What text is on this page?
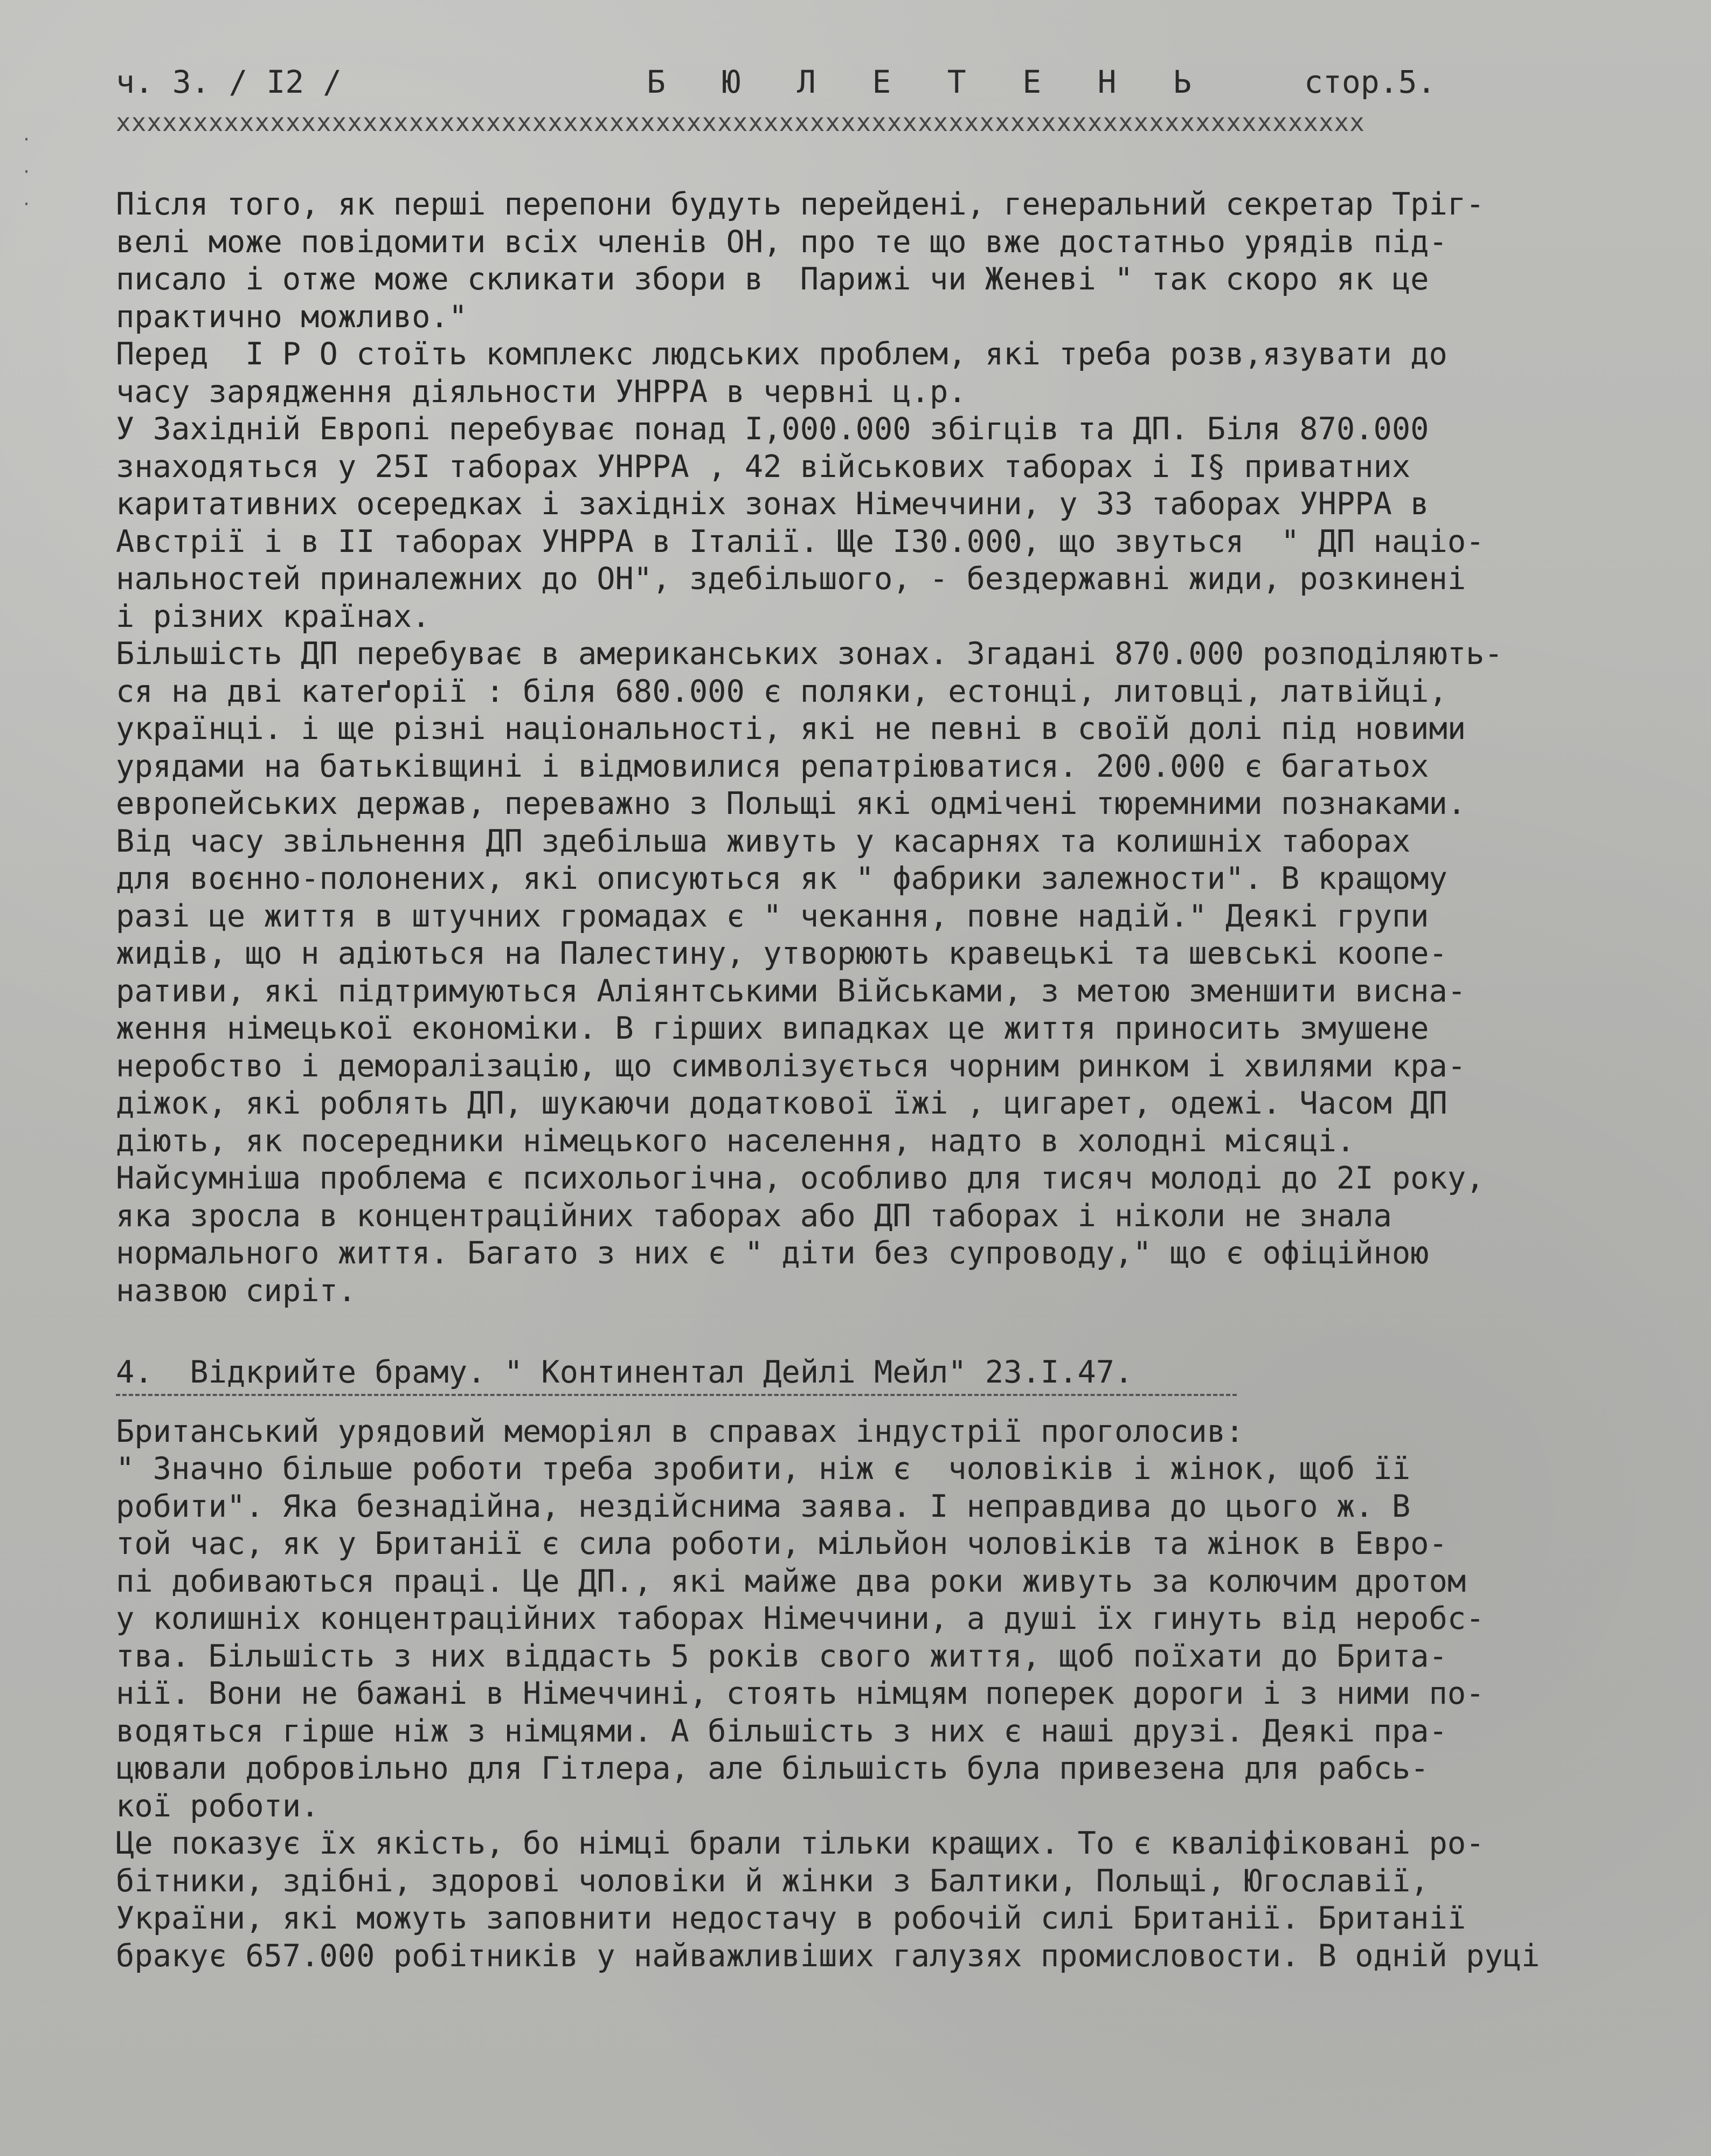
·
·
·
ч. 3. / I2 /	Б Ю Л Е Т Е Н Ь	стор.5.
xxxxxxxxxxxxxxxxxxxxxxxxxxxxxxxxxxxxxxxxxxxxxxxxxxxxxxxxxxxxxxxxxxxxxxxxxxxxxxxxx
Після того, як перші перепони будуть перейдені, генеральний секретар Тріг-
велі може повідомити всіх членів ОН, про те що вже достатньо урядів під-
писало і отже може скликати збори в  Парижі чи Женеві " так скоро як це
практично можливо."
Перед  І Р О стоїть комплекс людських проблем, які треба розв,язувати до
часу зарядження діяльности УНРРА в червні ц.р.
У Західній Европі перебуває понад І,000.000 збігців та ДП. Біля 870.000
знаходяться у 25І таборах УНРРА , 42 військових таборах і І§ приватних
каритативних осередках і західніх зонах Німеччини, у 33 таборах УНРРА в
Австрії і в ІІ таборах УНРРА в Італії. Ще І30.000, що звуться  " ДП націо-
нальностей приналежних до ОН", здебільшого, - бездержавні жиди, розкинені
і різних країнах.
Більшість ДП перебуває в американських зонах. Згадані 870.000 розподіляють-
ся на дві катеґорії : біля 680.000 є поляки, естонці, литовці, латвійці,
українці. і ще різні національності, які не певні в своїй долі під новими
урядами на батьківщині і відмовилися репатріюватися. 200.000 є багатьох
европейських держав, переважно з Польщі які одмічені тюремними познаками.
Від часу звільнення ДП здебільша живуть у касарнях та колишніх таборах
для воєнно-полонених, які описуються як " фабрики залежности". В кращому
разі це життя в штучних громадах є " чекання, повне надій." Деякі групи
жидів, що н адіються на Палестину, утворюють кравецькі та шевські коопе-
ративи, які підтримуються Аліянтськими Військами, з метою зменшити висна-
ження німецької економіки. В гірших випадках це життя приносить змушене
неробство і деморалізацію, що символізується чорним ринком і хвилями кра-
діжок, які роблять ДП, шукаючи додаткової їжі , цигарет, одежі. Часом ДП
діють, як посередники німецького населення, надто в холодні місяці.
Найсумніша проблема є психольогічна, особливо для тисяч молоді до 2І року,
яка зросла в концентраційних таборах або ДП таборах і ніколи не знала
нормального життя. Багато з них є " діти без супроводу," що є офіційною
назвою сиріт.
4.  Відкрийте браму. " Континентал Дейлі Мейл" 23.І.47.
Британський урядовий меморіял в справах індустрії проголосив:
" Значно більше роботи треба зробити, ніж є  чоловіків і жінок, щоб її
робити". Яка безнадійна, нездійснима заява. І неправдива до цього ж. В
той час, як у Британії є сила роботи, мільйон чоловіків та жінок в Евро-
пі добиваються праці. Це ДП., які майже два роки живуть за колючим дротом
у колишніх концентраційних таборах Німеччини, а душі їх гинуть від неробс-
тва. Більшість з них віддасть 5 років свого життя, щоб поїхати до Брита-
нії. Вони не бажані в Німеччині, стоять німцям поперек дороги і з ними по-
водяться гірше ніж з німцями. А більшість з них є наші друзі. Деякі пра-
цювали добровільно для Гітлера, але більшість була привезена для рабсь-
кої роботи.
Це показує їх якість, бо німці брали тільки кращих. То є кваліфіковані ро-
бітники, здібні, здорові чоловіки й жінки з Балтики, Польщі, Югославії,
України, які можуть заповнити недостачу в робочій силі Британії. Британії
бракує 657.000 робітників у найважливіших галузях промисловости. В одній руці
